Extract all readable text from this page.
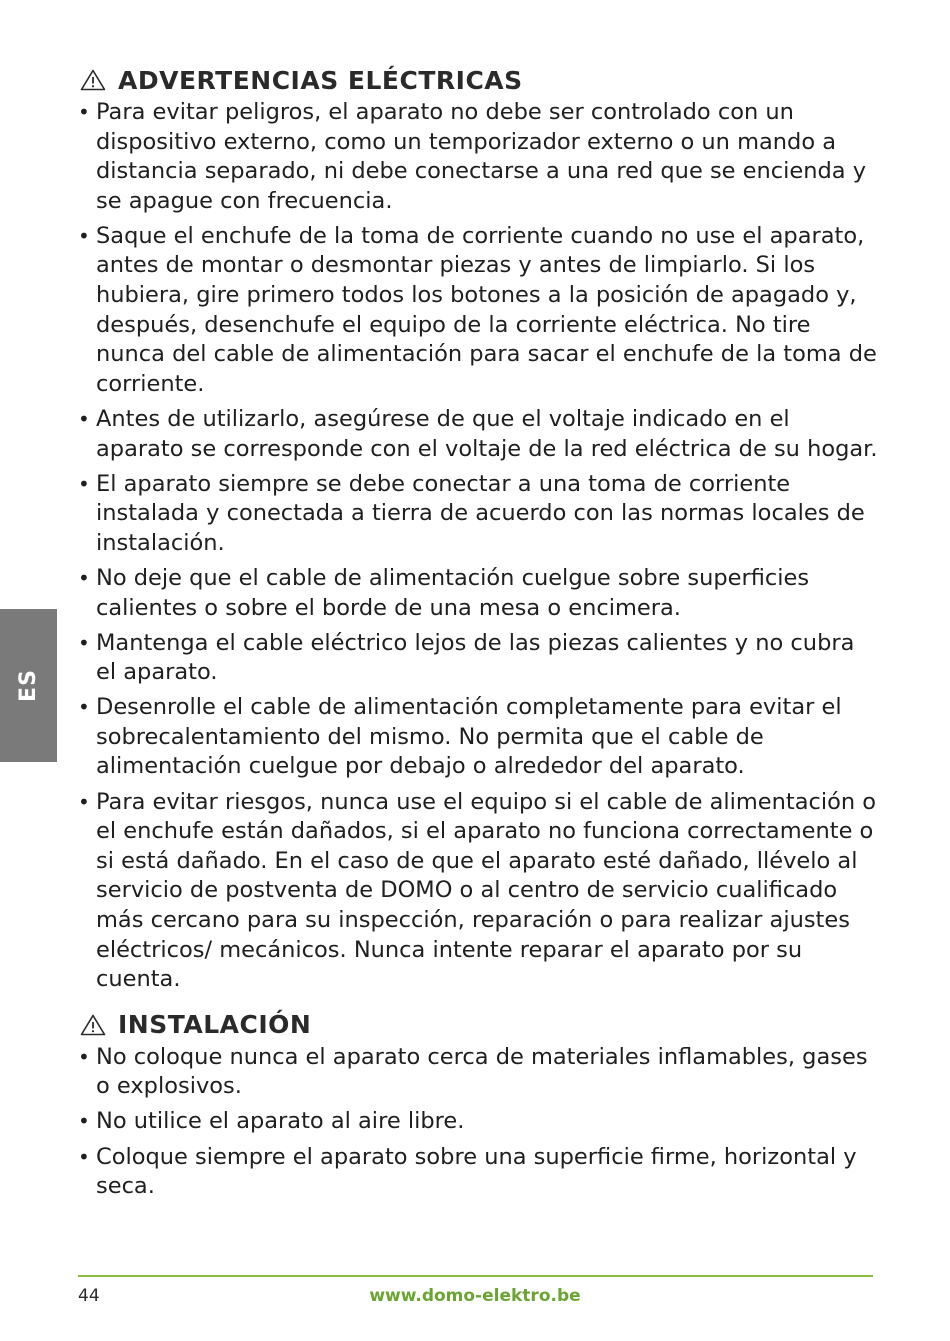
ES
ADVERTENCIAS ELÉCTRICAS
• Para evitar peligros, el aparato no debe ser controlado con un dispositivo externo, como un temporizador externo o un mando a distancia separado, ni debe conectarse a una red que se encienda y se apague con frecuencia.
• Saque el enchufe de la toma de corriente cuando no use el aparato, antes de montar o desmontar piezas y antes de limpiarlo. Si los hubiera, gire primero todos los botones a la posición de apagado y, después, desenchufe el equipo de la corriente eléctrica. No tire nunca del cable de alimentación para sacar el enchufe de la toma de corriente.
• Antes de utilizarlo, asegúrese de que el voltaje indicado en el aparato se corresponde con el voltaje de la red eléctrica de su hogar.
• El aparato siempre se debe conectar a una toma de corriente instalada y conectada a tierra de acuerdo con las normas locales de instalación.
• No deje que el cable de alimentación cuelgue sobre superficies calientes o sobre el borde de una mesa o encimera.
• Mantenga el cable eléctrico lejos de las piezas calientes y no cubra el aparato.
• Desenrolle el cable de alimentación completamente para evitar el sobrecalentamiento del mismo. No permita que el cable de alimentación cuelgue por debajo o alrededor del aparato.
• Para evitar riesgos, nunca use el equipo si el cable de alimentación o el enchufe están dañados, si el aparato no funciona correctamente o si está dañado. En el caso de que el aparato esté dañado, llévelo al servicio de postventa de DOMO o al centro de servicio cualificado más cercano para su inspección, reparación o para realizar ajustes eléctricos/ mecánicos. Nunca intente reparar el aparato por su cuenta.
INSTALACIÓN
• No coloque nunca el aparato cerca de materiales inflamables, gases o explosivos.
• No utilice el aparato al aire libre.
• Coloque siempre el aparato sobre una superficie firme, horizontal y seca.
44	www.domo-elektro.be
